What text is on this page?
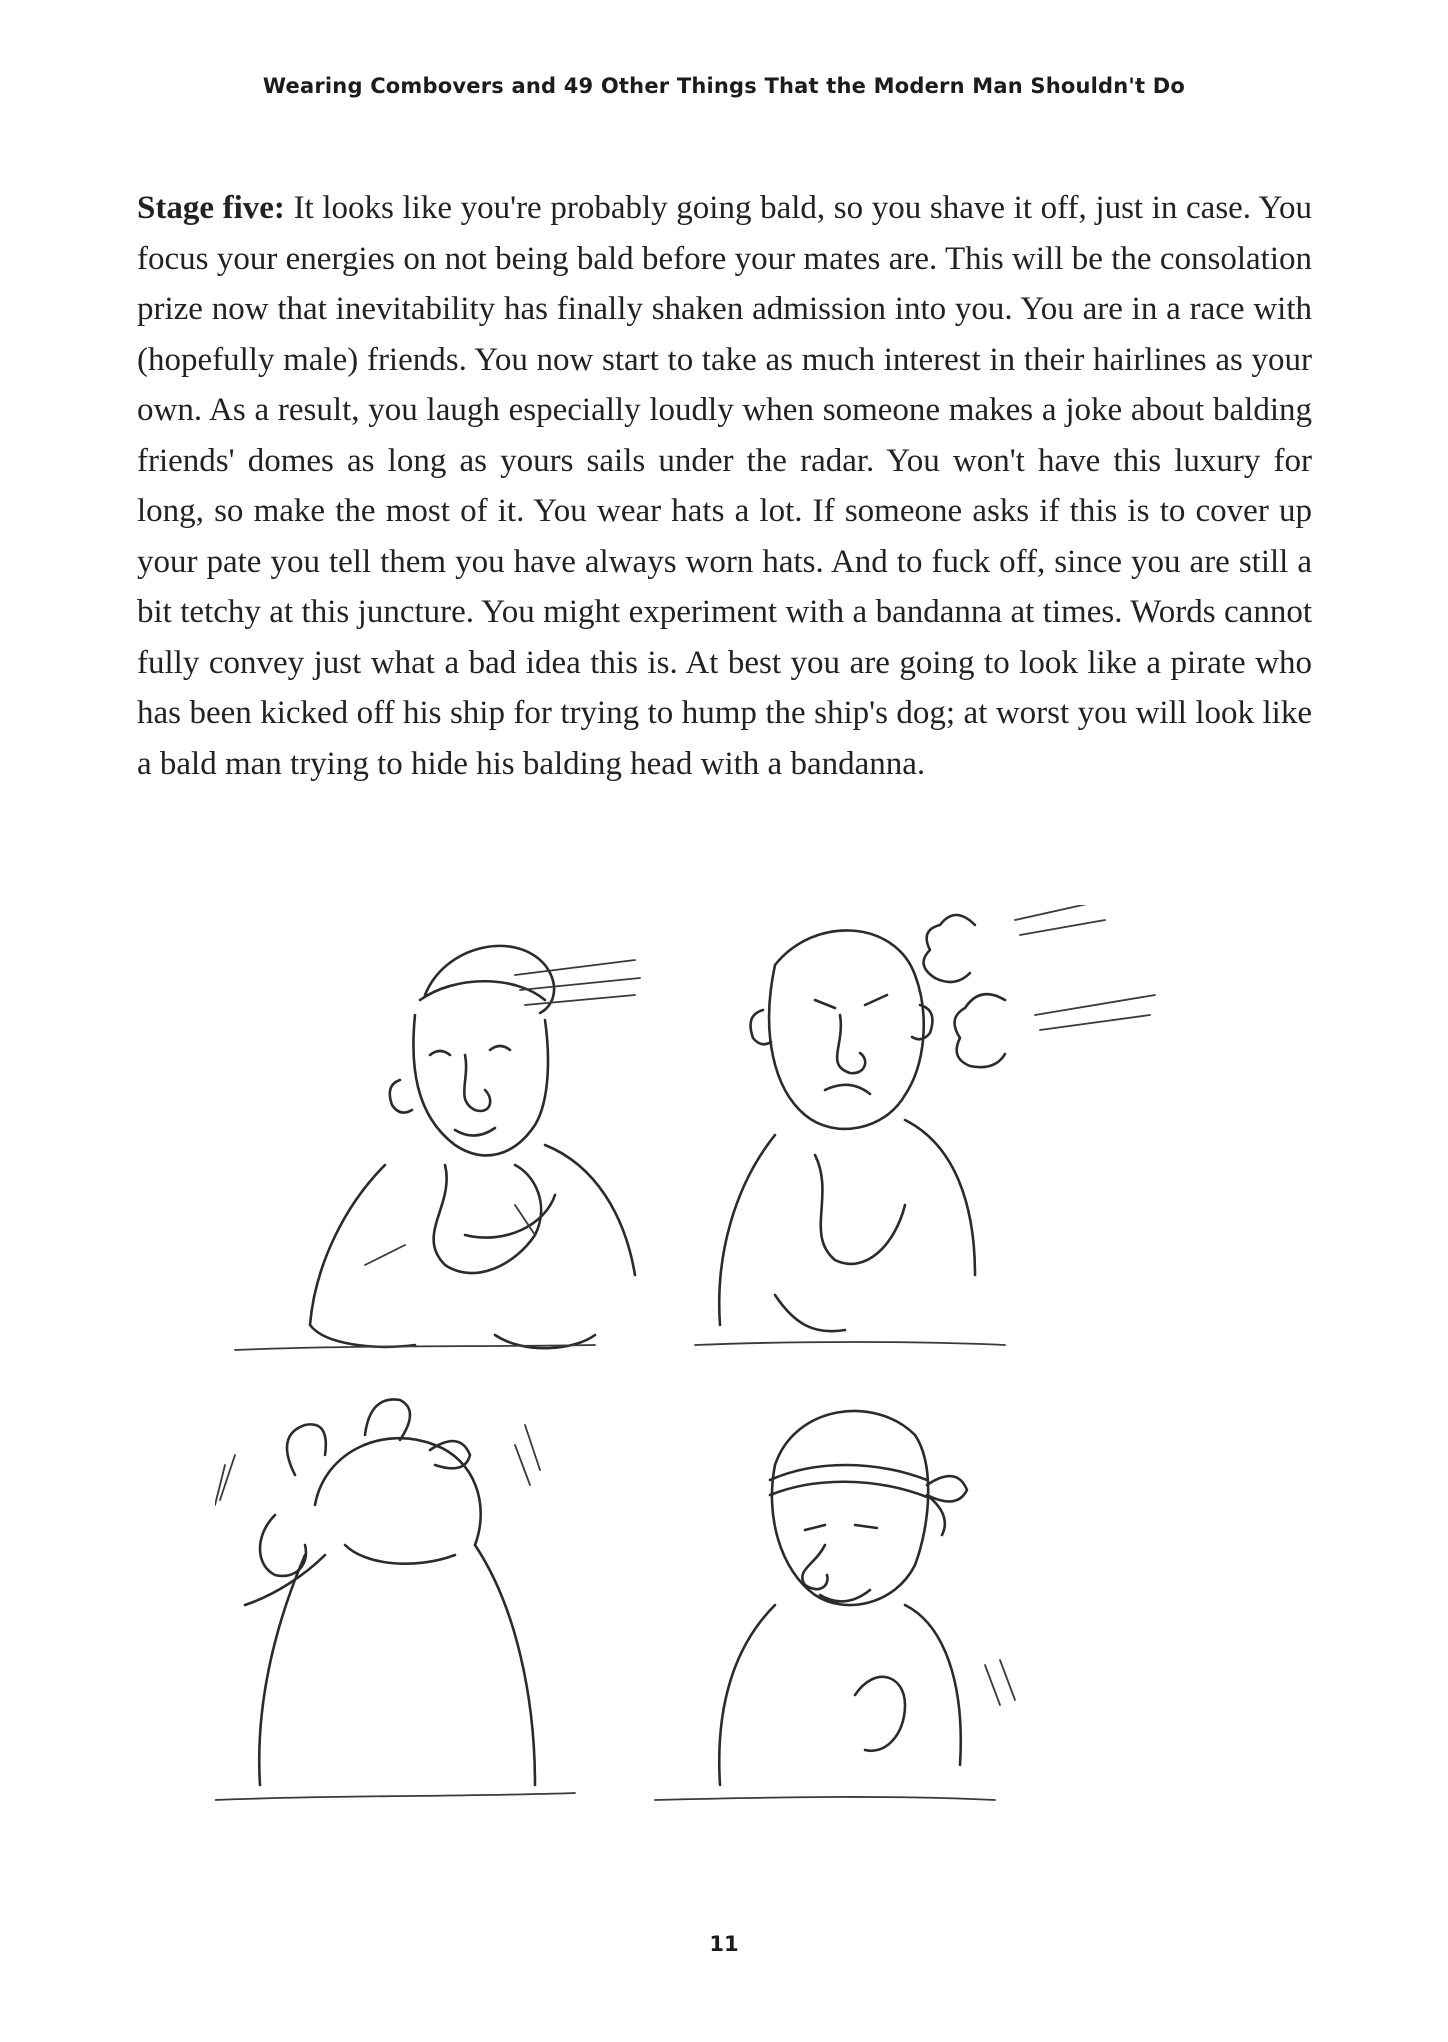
Wearing Combovers and 49 Other Things That the Modern Man Shouldn't Do
Stage five: It looks like you're probably going bald, so you shave it off, just in case. You focus your energies on not being bald before your mates are. This will be the consolation prize now that inevitability has finally shaken admission into you. You are in a race with (hopefully male) friends. You now start to take as much interest in their hairlines as your own. As a result, you laugh especially loudly when someone makes a joke about balding friends' domes as long as yours sails under the radar. You won't have this luxury for long, so make the most of it. You wear hats a lot. If someone asks if this is to cover up your pate you tell them you have always worn hats. And to fuck off, since you are still a bit tetchy at this juncture. You might experiment with a bandanna at times. Words cannot fully convey just what a bad idea this is. At best you are going to look like a pirate who has been kicked off his ship for trying to hump the ship's dog; at worst you will look like a bald man trying to hide his balding head with a bandanna.
11
